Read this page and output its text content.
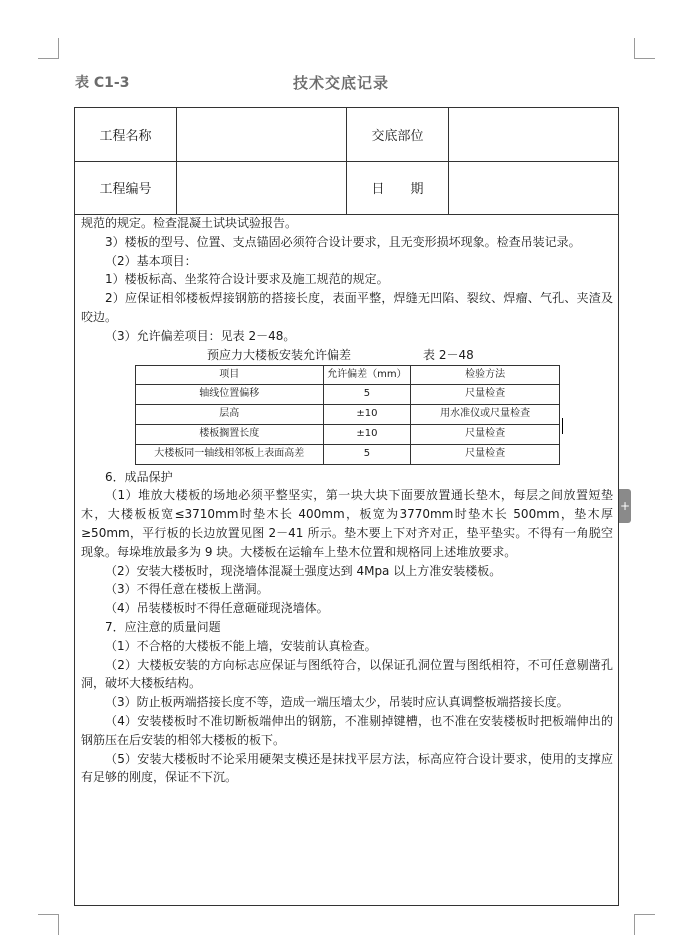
表 C1-3	技术交底记录
工程名称	交底部位
工程编号	日　　期

规范的规定。检查混凝土试块试验报告。

3）楼板的型号、位置、支点锚固必须符合设计要求，且无变形损坏现象。检查吊装记录。

（2）基本项目：

1）楼板标高、坐浆符合设计要求及施工规范的规定。

2）应保证相邻楼板焊接钢筋的搭接长度，表面平整，焊缝无凹陷、裂纹、焊瘤、气孔、夹渣及咬边。

（3）允许偏差项目：见表 2－48。

预应力大楼板安装允许偏差	表 2－48
项目	允许偏差（mm）	检验方法
轴线位置偏移	5	尺量检查
层高	±10	用水准仪或尺量检查
楼板搁置长度	±10	尺量检查
大楼板同一轴线相邻板上表面高差	5	尺量检查

6．成品保护

（1）堆放大楼板的场地必须平整坚实，第一块大块下面要放置通长垫木，每层之间放置短垫木，大楼板板宽≤3710mm时垫木长 400mm，板宽为3770mm时垫木长 500mm，垫木厚≥50mm，平行板的长边放置见图 2－41 所示。垫木要上下对齐对正，垫平垫实。不得有一角脱空现象。每垛堆放最多为 9 块。大楼板在运输车上垫木位置和规格同上述堆放要求。

（2）安装大楼板时，现浇墙体混凝土强度达到 4Mpa 以上方准安装楼板。

（3）不得任意在楼板上凿洞。

（4）吊装楼板时不得任意砸碰现浇墙体。

7．应注意的质量问题

（1）不合格的大楼板不能上墙，安装前认真检查。

（2）大楼板安装的方向标志应保证与图纸符合，以保证孔洞位置与图纸相符，不可任意剔凿孔洞，破坏大楼板结构。

（3）防止板两端搭接长度不等，造成一端压墙太少，吊装时应认真调整板端搭接长度。

（4）安装楼板时不准切断板端伸出的钢筋，不准剔掉键槽，也不准在安装楼板时把板端伸出的钢筋压在后安装的相邻大楼板的板下。

（5）安装大楼板时不论采用硬架支模还是抹找平层方法，标高应符合设计要求，使用的支撑应有足够的刚度，保证不下沉。

+
